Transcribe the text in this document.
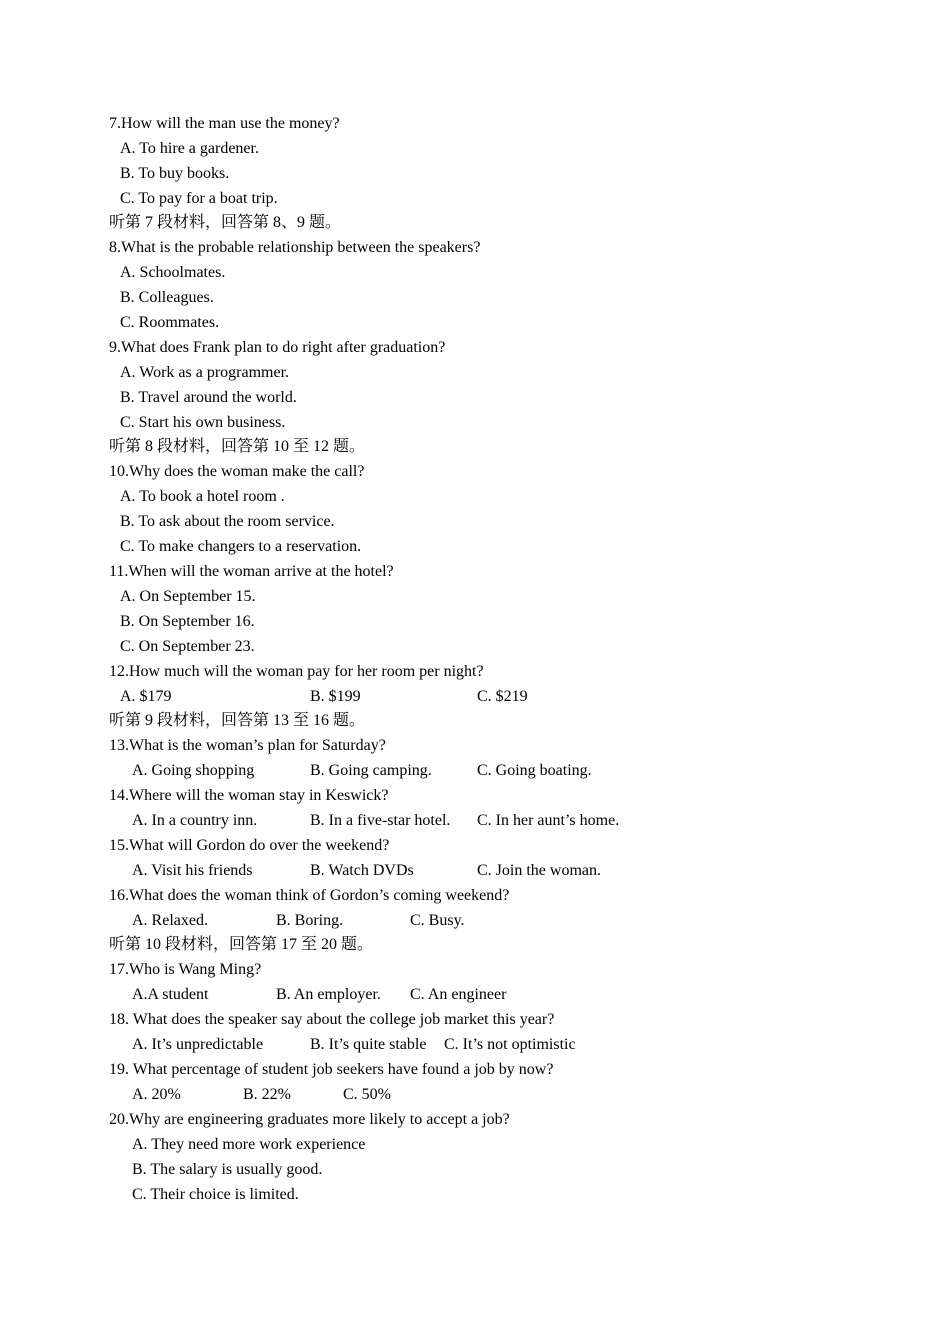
7.How will the man use the money?
A. To hire a gardener.
B. To buy books.
C. To pay for a boat trip.
听第 7 段材料，回答第 8、9 题。
8.What is the probable relationship between the speakers?
A. Schoolmates.
B. Colleagues.
C. Roommates.
9.What does Frank plan to do right after graduation?
A. Work as a programmer.
B. Travel around the world.
C. Start his own business.
听第 8 段材料，回答第 10 至 12 题。
10.Why does the woman make the call?
A. To book a hotel room .
B. To ask about the room service.
C. To make changers to a reservation.
11.When will the woman arrive at the hotel?
A. On September 15.
B. On September 16.
C. On September 23.
12.How much will the woman pay for her room per night?
A. $179	B. $199	C. $219
听第 9 段材料，回答第 13 至 16 题。
13.What is the woman’s plan for Saturday?
A. Going shopping	B. Going camping.	C. Going boating.
14.Where will the woman stay in Keswick?
A. In a country inn.	B. In a five-star hotel. C. In her aunt’s home.
15.What will Gordon do over the weekend?
A. Visit his friends	B. Watch DVDs	C. Join the woman.
16.What does the woman think of Gordon’s coming weekend?
A. Relaxed.	B. Boring.	C. Busy.
听第 10 段材料，回答第 17 至 20 题。
17.Who is Wang Ming?
A.A student	B. An employer. C. An engineer
18. What does the speaker say about the college job market this year?
A. It’s unpredictable	B. It’s quite stable C. It’s not optimistic
19. What percentage of student job seekers have found a job by now?
A. 20%	B. 22%	C. 50%
20.Why are engineering graduates more likely to accept a job?
A. They need more work experience
B. The salary is usually good.
C. Their choice is limited.
